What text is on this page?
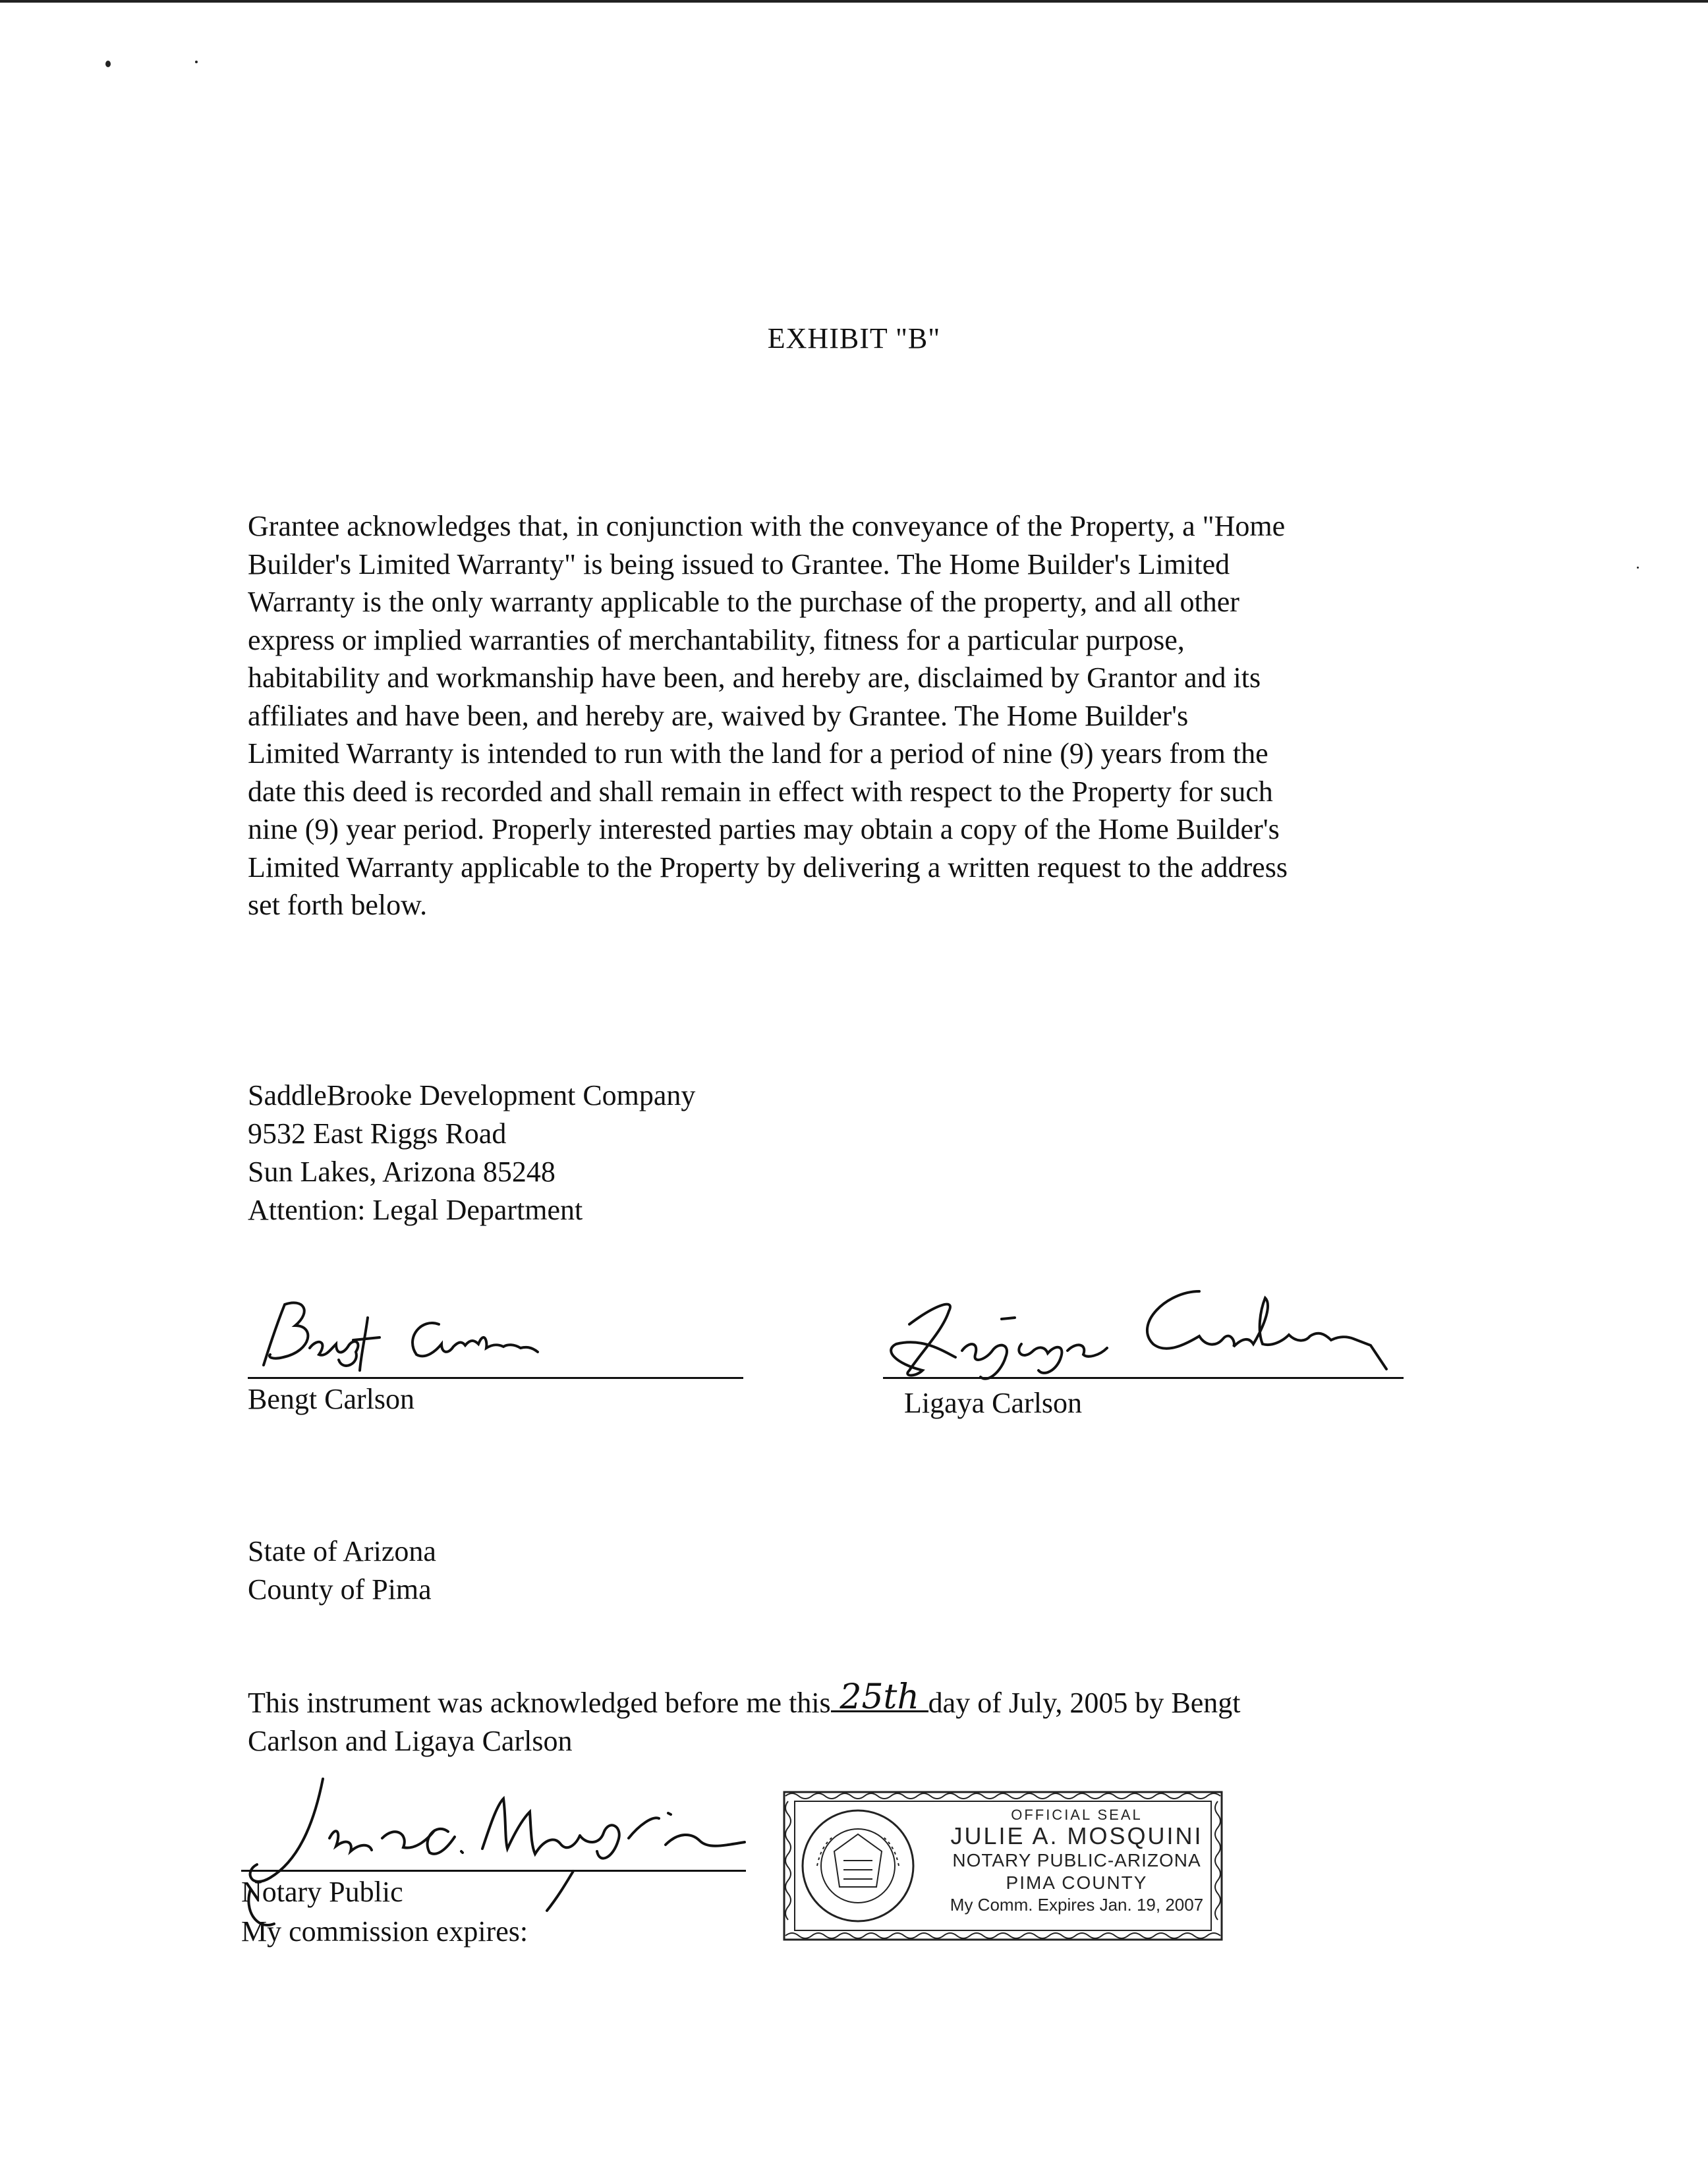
EXHIBIT "B"
Grantee acknowledges that, in conjunction with the conveyance of the Property, a "Home
Builder's Limited Warranty" is being issued to Grantee. The Home Builder's Limited
Warranty is the only warranty applicable to the purchase of the property, and all other
express or implied warranties of merchantability, fitness for a particular purpose,
habitability and workmanship have been, and hereby are, disclaimed by Grantor and its
affiliates and have been, and hereby are, waived by Grantee. The Home Builder's
Limited Warranty is intended to run with the land for a period of nine (9) years from the
date this deed is recorded and shall remain in effect with respect to the Property for such
nine (9) year period. Properly interested parties may obtain a copy of the Home Builder's
Limited Warranty applicable to the Property by delivering a written request to the address
set forth below.
SaddleBrooke Development Company
9532 East Riggs Road
Sun Lakes, Arizona 85248
Attention: Legal Department
Bengt Carlson	Ligaya Carlson
State of Arizona
County of Pima
This instrument was acknowledged before me this 25th day of July, 2005 by Bengt
Carlson and Ligaya Carlson
Notary Public
My commission expires:
OFFICIAL SEAL
JULIE A. MOSQUINI
NOTARY PUBLIC-ARIZONA
PIMA COUNTY
My Comm. Expires Jan. 19, 2007
